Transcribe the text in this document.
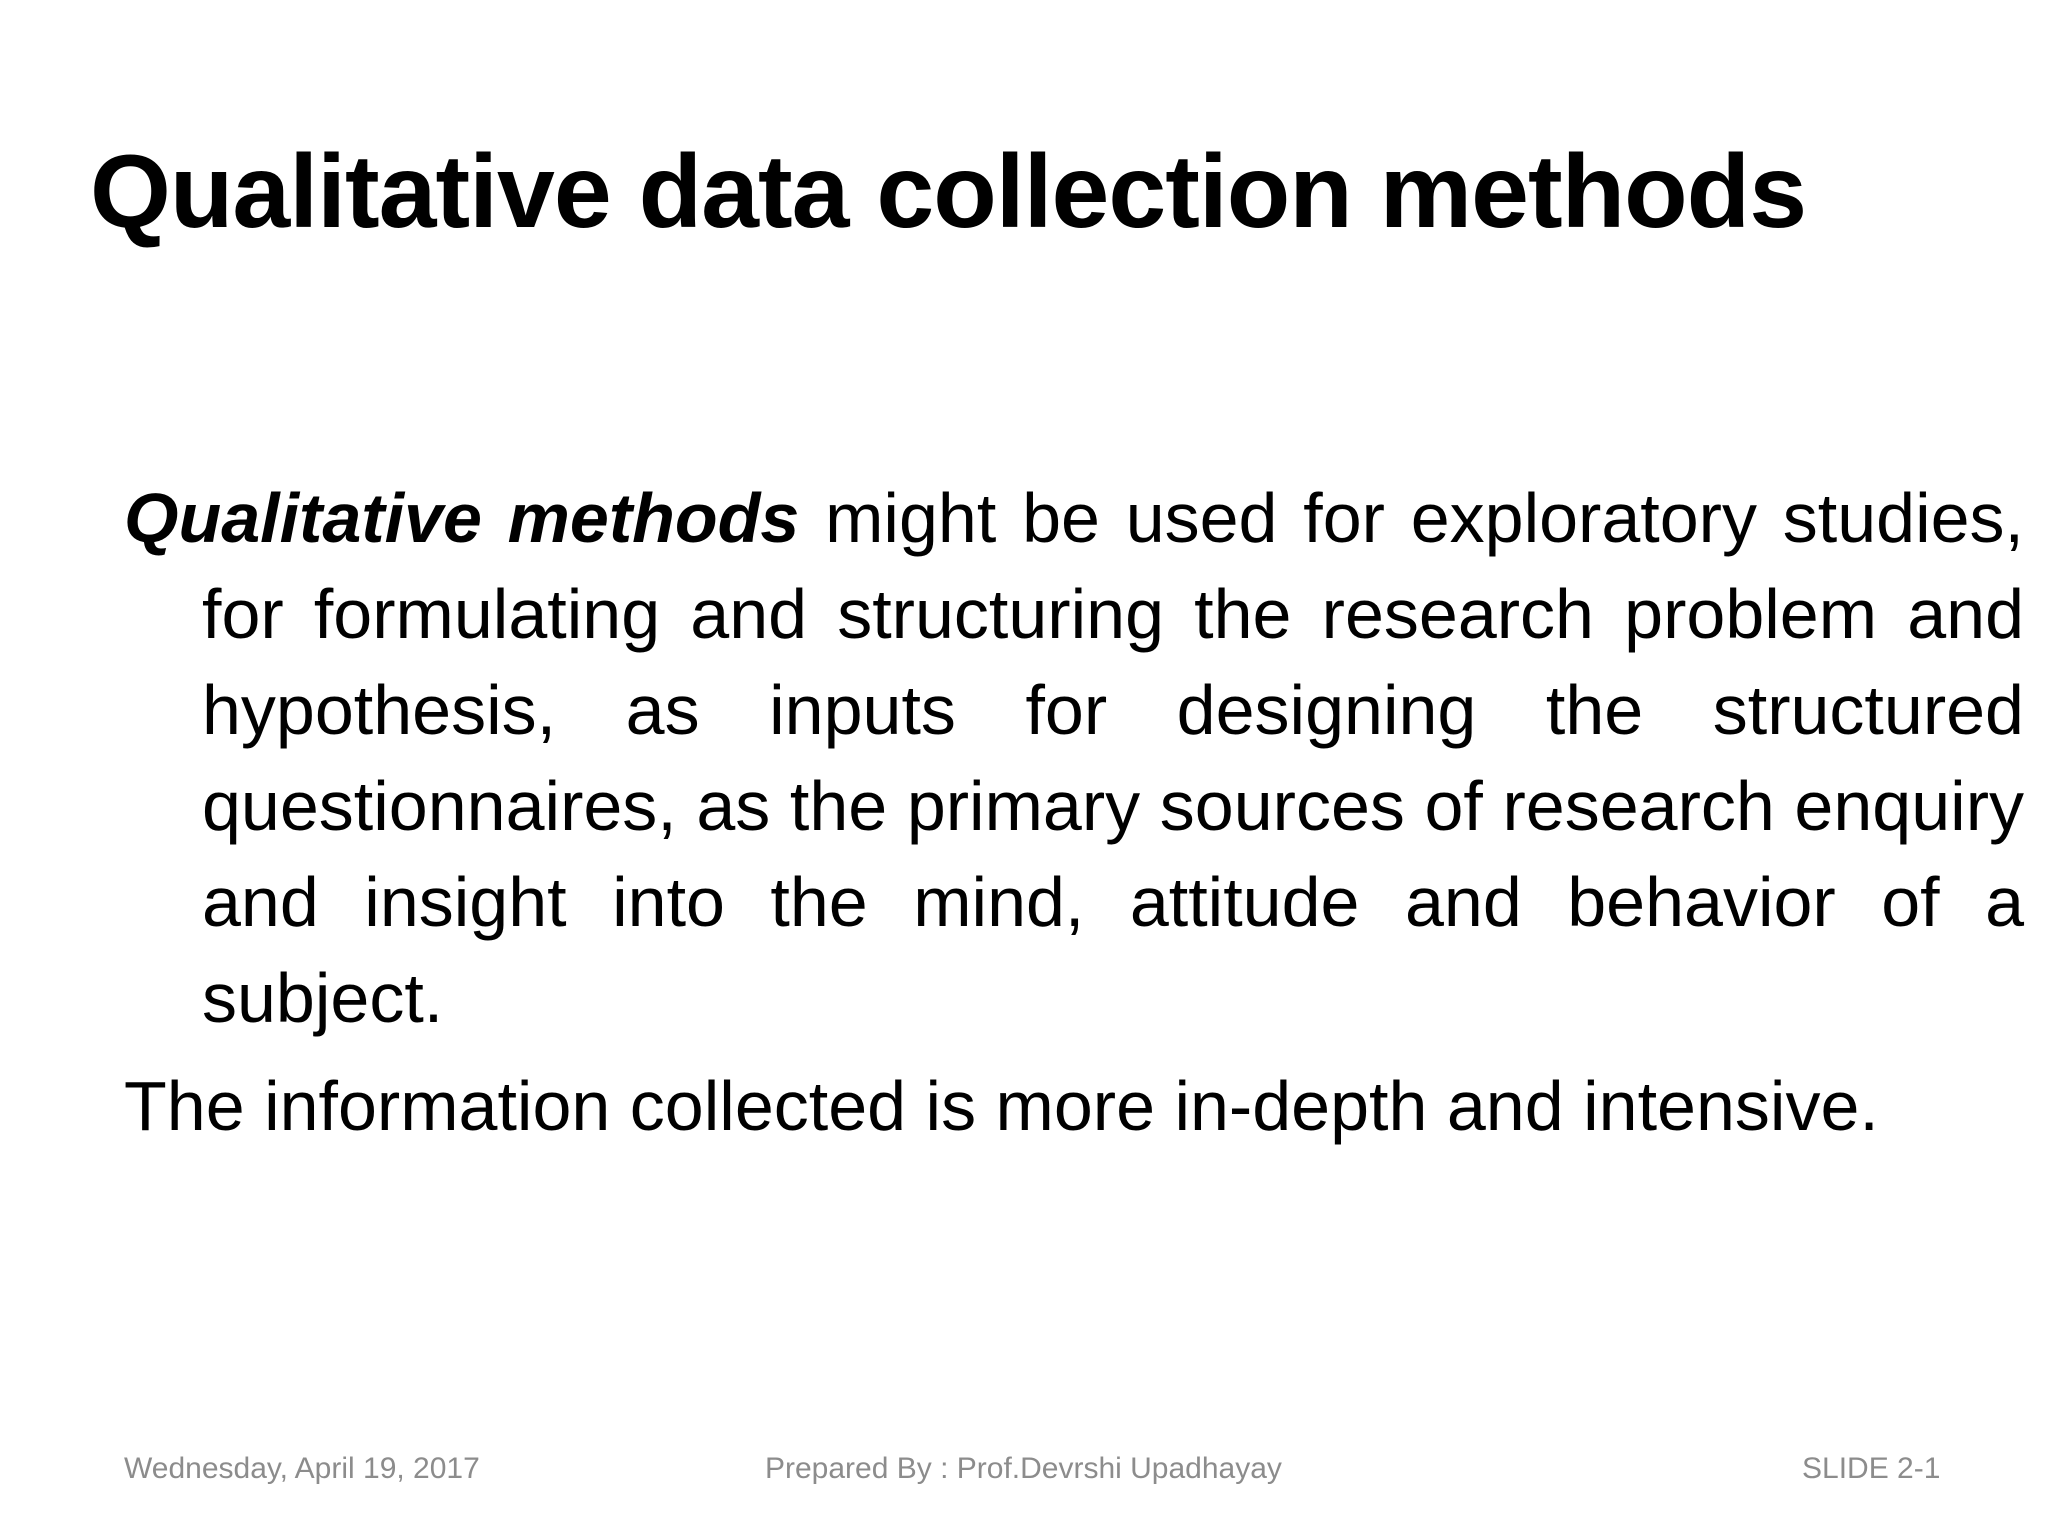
Qualitative data collection methods

Qualitative methods might be used for exploratory studies, for formulating and structuring the research problem and hypothesis, as inputs for designing the structured questionnaires, as the primary sources of research enquiry and insight into the mind, attitude and behavior of a subject.

The information collected is more in-depth and intensive.

Wednesday, April 19, 2017	Prepared By : Prof.Devrshi Upadhayay	SLIDE 2-1
